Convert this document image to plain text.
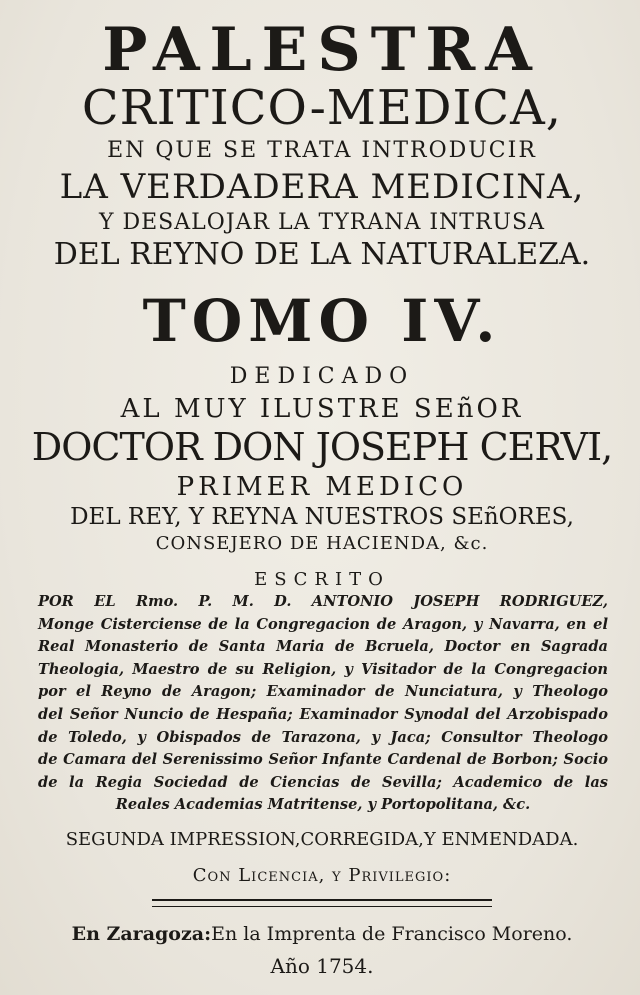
PALESTRA
CRITICO-MEDICA,
EN QUE SE TRATA INTRODUCIR
LA VERDADERA MEDICINA,
Y DESALOJAR LA TYRANA INTRUSA
DEL REYNO DE LA NATURALEZA.
TOMO IV.
DEDICADO
AL MUY ILUSTRE SEñOR
DOCTOR DON JOSEPH CERVI,
PRIMER MEDICO
DEL REY, Y REYNA NUESTROS SEñORES,
CONSEJERO DE HACIENDA, &c.
ESCRITO
POR EL Rmo. P. M. D. ANTONIO JOSEPH RODRIGUEZ,
Monge Cisterciense de la Congregacion de Aragon, y Navarra, en el
Real Monasterio de Santa Maria de Bcruela, Doctor en Sagrada
Theologia, Maestro de su Religion, y Visitador de la Congregacion
por el Reyno de Aragon; Examinador de Nunciatura, y Theologo
del Señor Nuncio de Hespaña; Examinador Synodal del Arzobispado
de Toledo, y Obispados de Tarazona, y Jaca; Consultor Theologo
de Camara del Serenissimo Señor Infante Cardenal de Borbon; Socio
de la Regia Sociedad de Ciencias de Sevilla; Academico de las
Reales Academias Matritense, y Portopolitana, &c.
SEGUNDA IMPRESSION,CORREGIDA,Y ENMENDADA.
Con Licencia, y Privilegio:
En Zaragoza:En la Imprenta de Francisco Moreno.
Año 1754.
